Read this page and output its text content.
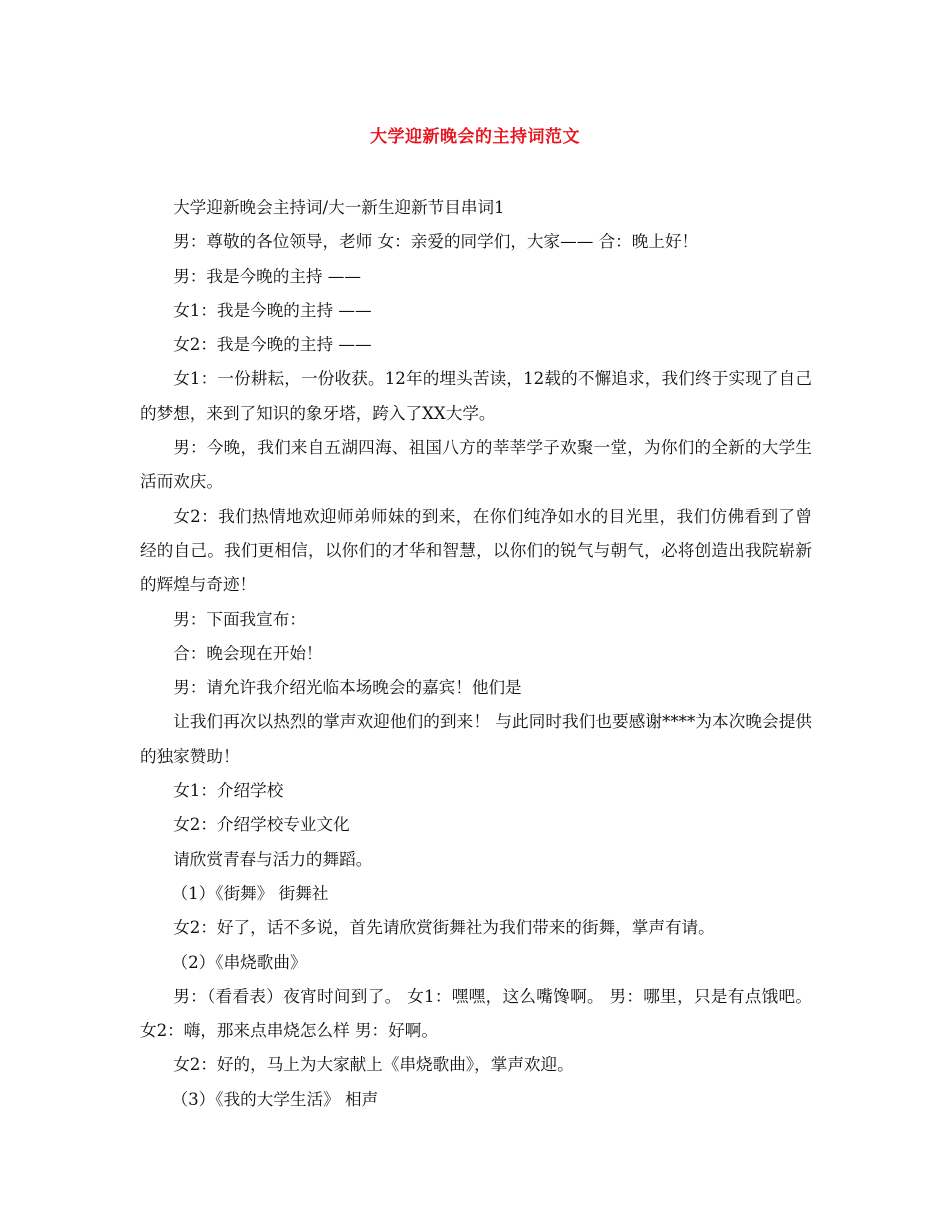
大学迎新晚会的主持词范文

大学迎新晚会主持词/大一新生迎新节目串词1

男：尊敬的各位领导，老师 女：亲爱的同学们，大家—— 合：晚上好！

男：我是今晚的主持 ——

女1：我是今晚的主持 ——

女2：我是今晚的主持 ——

女1：一份耕耘，一份收获。12年的埋头苦读，12载的不懈追求，我们终于实现了自己的梦想，来到了知识的象牙塔，跨入了XX大学。

男：今晚，我们来自五湖四海、祖国八方的莘莘学子欢聚一堂，为你们的全新的大学生活而欢庆。

女2：我们热情地欢迎师弟师妹的到来，在你们纯净如水的目光里，我们仿佛看到了曾经的自己。我们更相信，以你们的才华和智慧，以你们的锐气与朝气，必将创造出我院崭新的辉煌与奇迹！

男：下面我宣布：

合：晚会现在开始！

男：请允许我介绍光临本场晚会的嘉宾！他们是

让我们再次以热烈的掌声欢迎他们的到来！ 与此同时我们也要感谢****为本次晚会提供的独家赞助！

女1：介绍学校

女2：介绍学校专业文化

请欣赏青春与活力的舞蹈。

（1）《街舞》 街舞社

女2：好了，话不多说，首先请欣赏街舞社为我们带来的街舞，掌声有请。

（2）《串烧歌曲》

男：（看看表）夜宵时间到了。 女1：嘿嘿，这么嘴馋啊。 男：哪里，只是有点饿吧。 女2：嗨，那来点串烧怎么样 男：好啊。

女2：好的，马上为大家献上《串烧歌曲》，掌声欢迎。

（3）《我的大学生活》 相声
